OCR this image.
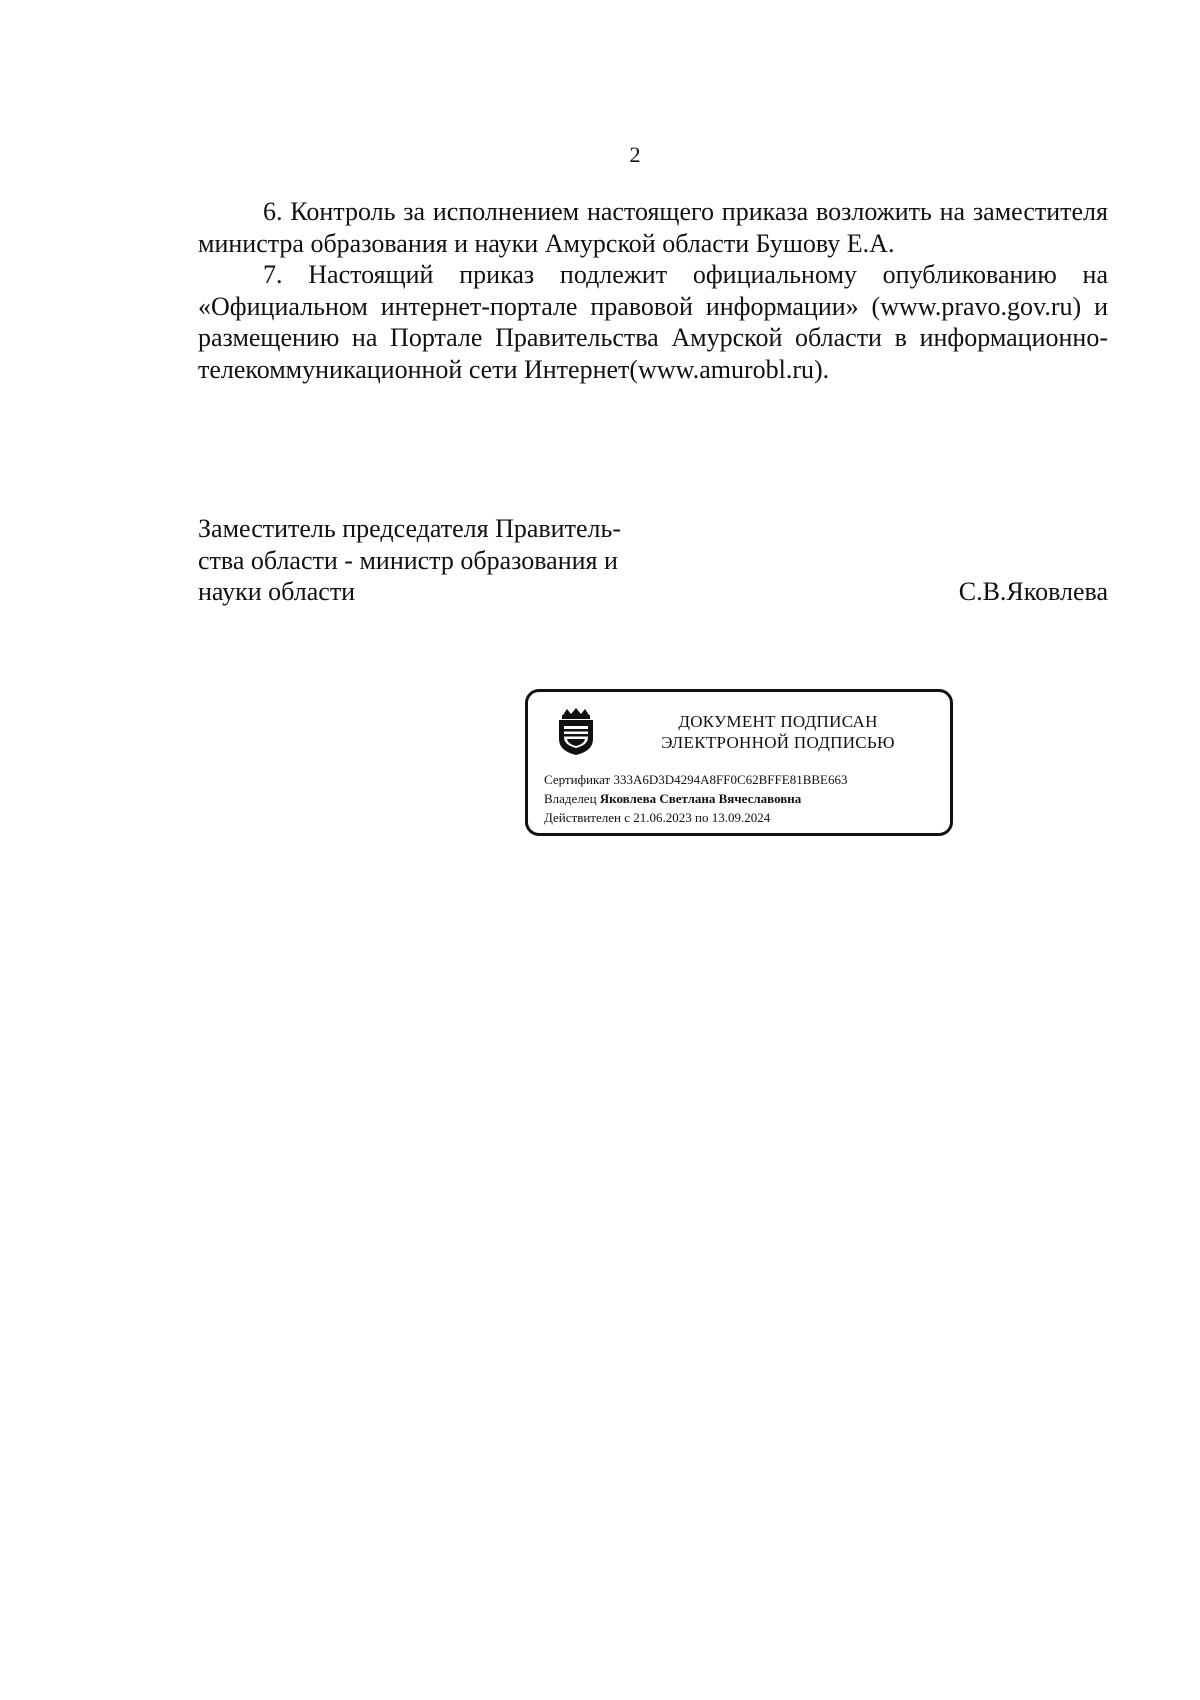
2

6. Контроль за исполнением настоящего приказа возложить на заместителя министра образования и науки Амурской области Бушову Е.А.

7. Настоящий приказ подлежит официальному опубликованию на «Официальном интернет-портале правовой информации» (www.pravo.gov.ru) и размещению на Портале Правительства Амурской области в информационно-телекоммуникационной сети Интернет(www.amurobl.ru).

Заместитель председателя Правитель-
ства области - министр образования и
науки области	С.В.Яковлева
ДОКУМЕНТ ПОДПИСАН
ЭЛЕКТРОННОЙ ПОДПИСЬЮ
Сертификат 333A6D3D4294A8FF0C62BFFE81BBE663
Владелец Яковлева Светлана Вячеславовна
Действителен с 21.06.2023 по 13.09.2024
